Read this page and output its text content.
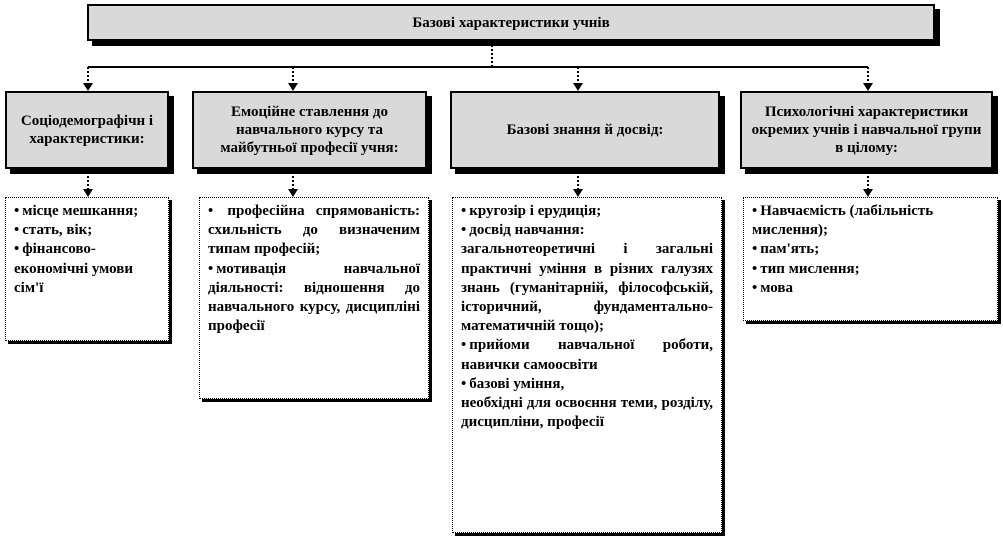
Базові характеристики учнів
Соціодемографічн і характеристики:
Емоційне ставлення до навчального курсу та майбутньої професії учня:
Базові знання й досвід:
Психологічні характеристики окремих учнів і навчальної групи в цілому:

• місце мешкання;

• стать, вік;

• фінансово-економічні умови сім'ї

• професійна спрямованість:

схильність до визначеним типам професій;

• мотивація навчальної діяльності: відношення до навчального курсу, дисципліні професії

• кругозір і ерудиція;

• досвід навчання:

загальнотеоретичні і загальні практичні уміння в різних галузях знань (гуманітарній, філософській, історичний, фундаментально-математичній тощо);

• прийоми навчальної роботи, навички самоосвіти

• базові уміння,

необхідні для освоєння теми, розділу, дисципліни, професії

• Навчаємість (лабільність мислення);

• пам'ять;

• тип мислення;

• мова
